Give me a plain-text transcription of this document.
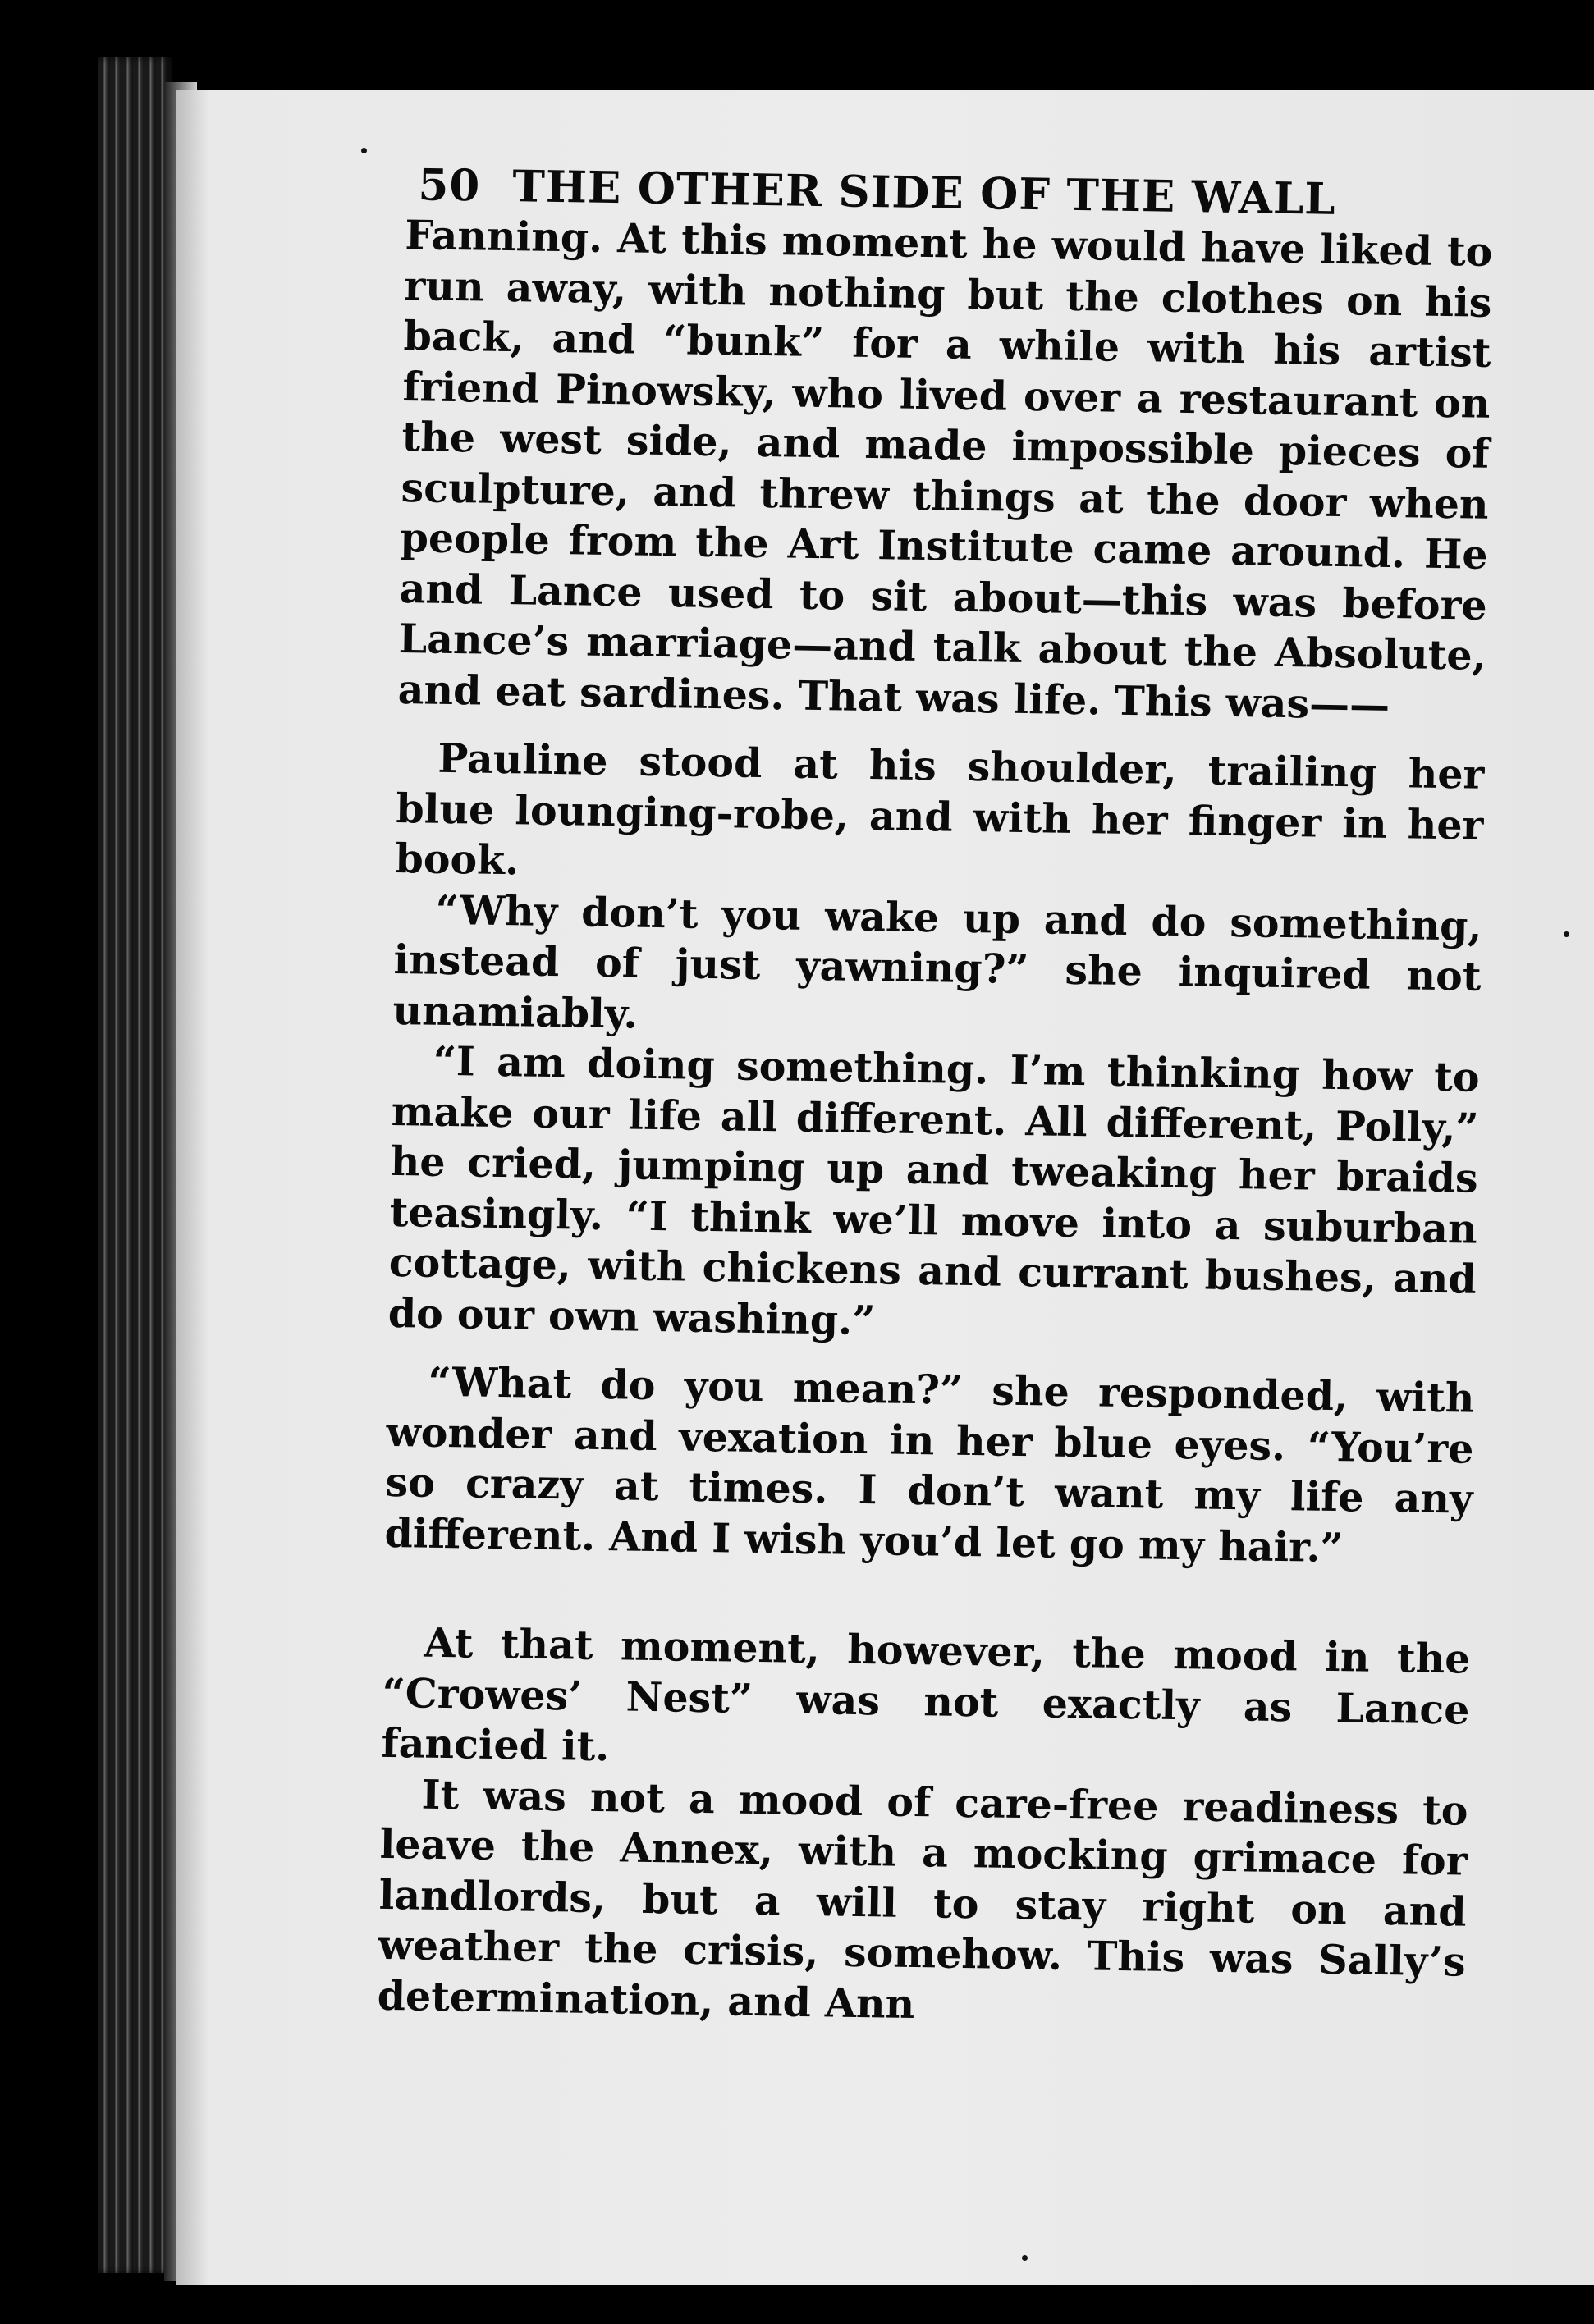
50 THE OTHER SIDE OF THE WALL

Fanning. At this moment he would have liked to run away, with nothing but the clothes on his back, and “bunk” for a while with his artist friend Pinowsky, who lived over a restaurant on the west side, and made impossible pieces of sculpture, and threw things at the door when people from the Art Institute came around. He and Lance used to sit about—this was before Lance’s marriage—and talk about the Absolute, and eat sardines. That was life. This was——

Pauline stood at his shoulder, trailing her blue lounging-robe, and with her finger in her book.

“Why don’t you wake up and do something, instead of just yawning?” she inquired not unamiably.

“I am doing something. I’m thinking how to make our life all different. All different, Polly,” he cried, jumping up and tweaking her braids teasingly. “I think we’ll move into a suburban cottage, with chickens and currant bushes, and do our own washing.”

“What do you mean?” she responded, with wonder and vexation in her blue eyes. “You’re so crazy at times. I don’t want my life any different. And I wish you’d let go my hair.”

At that moment, however, the mood in the “Crowes’ Nest” was not exactly as Lance fancied it.

It was not a mood of care-free readiness to leave the Annex, with a mocking grimace for landlords, but a will to stay right on and weather the crisis, somehow. This was Sally’s determination, and Ann
